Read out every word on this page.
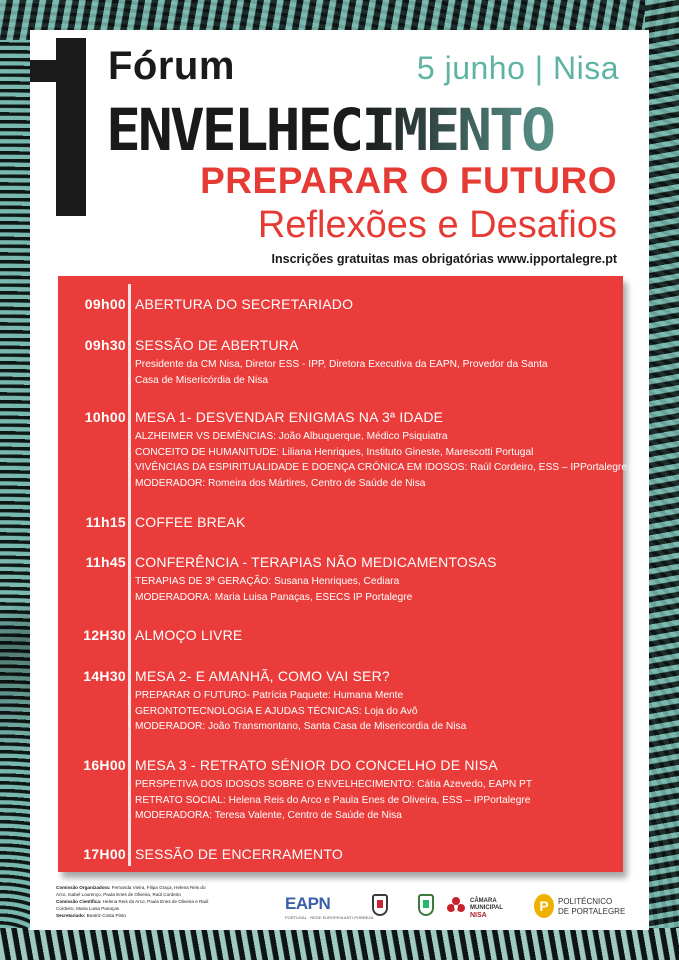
Fórum	5 junho | Nisa
ENVELHECIMENTO
PREPARAR O FUTURO
Reflexões e Desafios
Inscrições gratuitas mas obrigatórias www.ipportalegre.pt
09h00 ABERTURA DO SECRETARIADO
09h30 SESSÃO DE ABERTURA
Presidente da CM Nisa, Diretor ESS - IPP, Diretora Executiva da EAPN, Provedor da Santa
Casa de Misericórdia de Nisa
10h00 MESA 1- DESVENDAR ENIGMAS NA 3ª IDADE
ALZHEIMER VS DEMÊNCIAS: João Albuquerque, Médico Psiquiatra
CONCEITO DE HUMANITUDE: Liliana Henriques, Instituto Gineste, Marescotti Portugal
VIVÊNCIAS DA ESPIRITUALIDADE E DOENÇA CRÓNICA EM IDOSOS: Raúl Cordeiro, ESS – IPPortalegre
MODERADOR: Romeira dos Mártires, Centro de Saúde de Nisa
11h15 COFFEE BREAK
11h45 CONFERÊNCIA - TERAPIAS NÃO MEDICAMENTOSAS
TERAPIAS DE 3ª GERAÇÃO: Susana Henriques, Cediara
MODERADORA: Maria Luisa Panaças, ESECS IP Portalegre
12H30 ALMOÇO LIVRE
14H30 MESA 2- E AMANHÃ, COMO VAI SER?
PREPARAR O FUTURO- Patrícia Paquete: Humana Mente
GERONTOTECNOLOGIA E AJUDAS TÉCNICAS: Loja do Avô
MODERADOR: João Transmontano, Santa Casa de Misericordia de Nisa
16H00 MESA 3 - RETRATO SÉNIOR DO CONCELHO DE NISA
PERSPETIVA DOS IDOSOS SOBRE O ENVELHECIMENTO: Cátia Azevedo, EAPN PT
RETRATO SOCIAL: Helena Reis do Arco e Paula Enes de Oliveira, ESS – IPPortalegre
MODERADORA: Teresa Valente, Centro de Saúde de Nisa
17H00 SESSÃO DE ENCERRAMENTO
Comissão Organizadora: Fernanda Vieira, Filipa Graça, Helena Reis do Arco, Isabel Lourenço, Paula Enes de Oliveira, Raúl Cordeiro
Comissão Científica: Helena Reis do Arco, Paula Enes de Oliveira e Raúl Cordeiro, Maria Luisa Panaças
Secretariado: Beatriz Costa Pinto
EAPN
PORTUGAL · REDE EUROPEIA ANTI-POBREZA
CÂMARA
MUNICIPAL
NISA
P	POLITÉCNICO
DE PORTALEGRE
